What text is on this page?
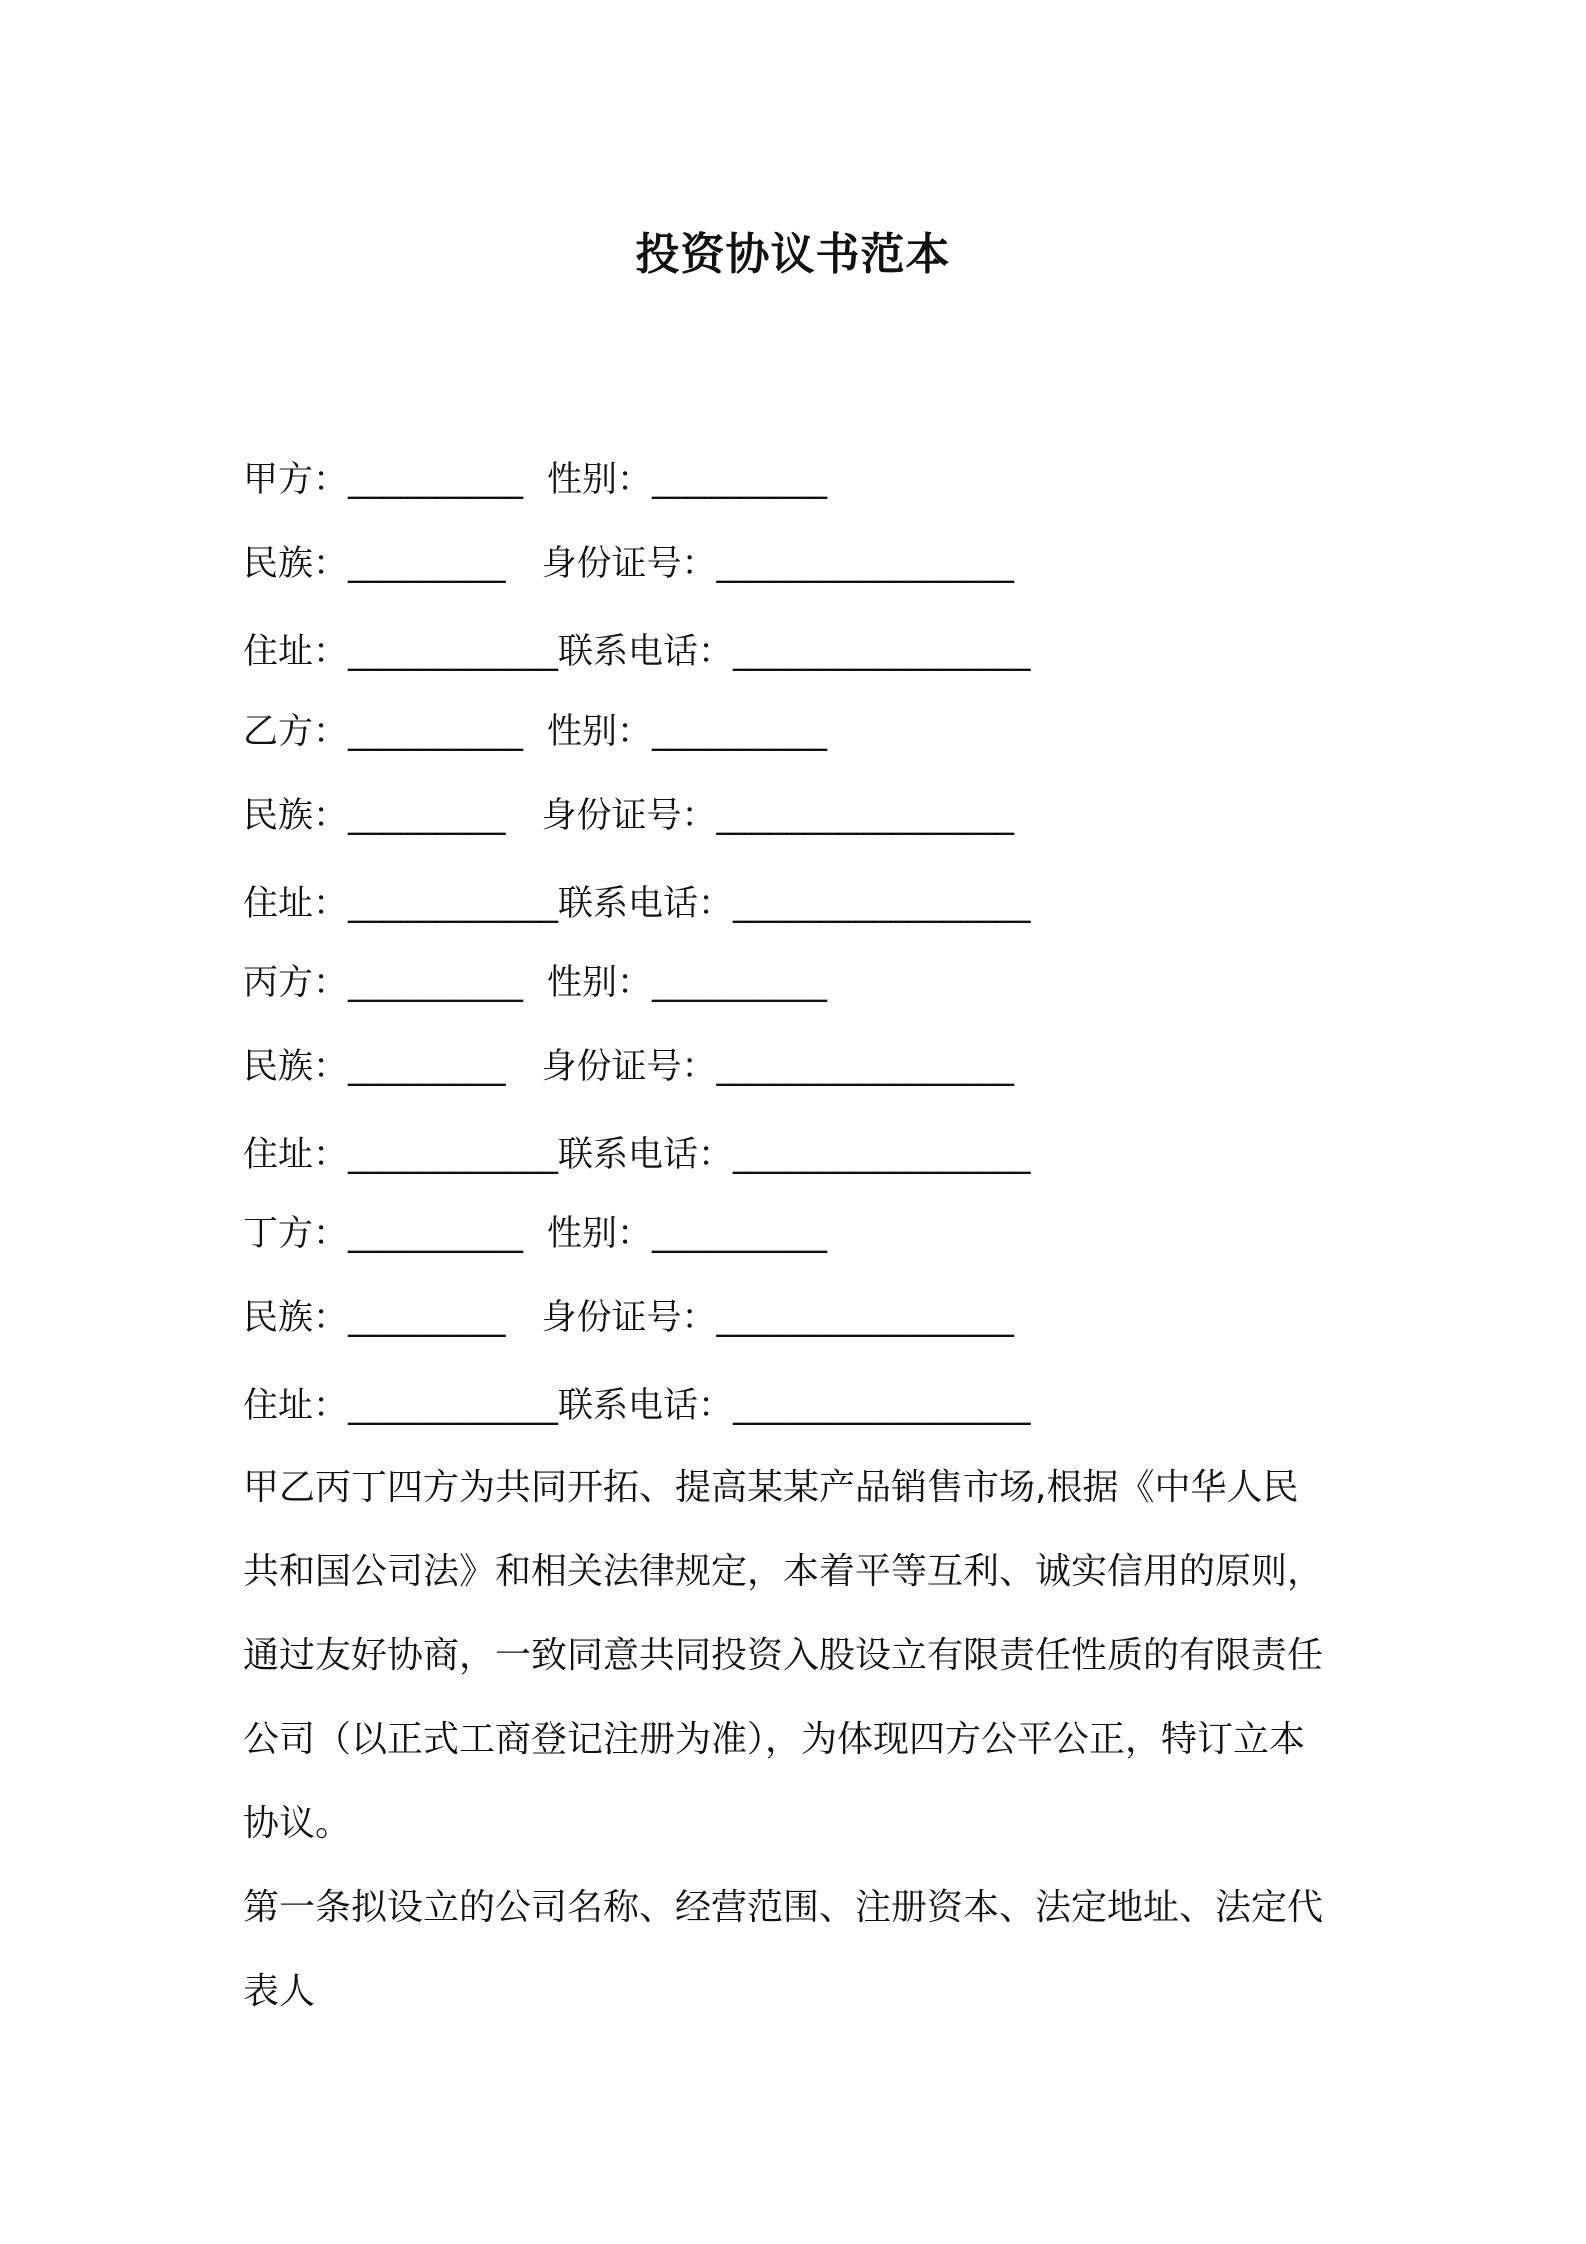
投资协议书范本
甲方：__________ 性别：__________
民族：_________ 身份证号：_________________
住址：____________联系电话：_________________
乙方：__________ 性别：__________
民族：_________ 身份证号：_________________
住址：____________联系电话：_________________
丙方：__________ 性别：__________
民族：_________ 身份证号：_________________
住址：____________联系电话：_________________
丁方：__________ 性别：__________
民族：_________ 身份证号：_________________
住址：____________联系电话：_________________
甲乙丙丁四方为共同开拓、提高某某产品销售市场,根据《中华人民
共和国公司法》和相关法律规定，本着平等互利、诚实信用的原则，
通过友好协商，一致同意共同投资入股设立有限责任性质的有限责任
公司（以正式工商登记注册为准），为体现四方公平公正，特订立本
协议。
第一条拟设立的公司名称、经营范围、注册资本、法定地址、法定代
表人
